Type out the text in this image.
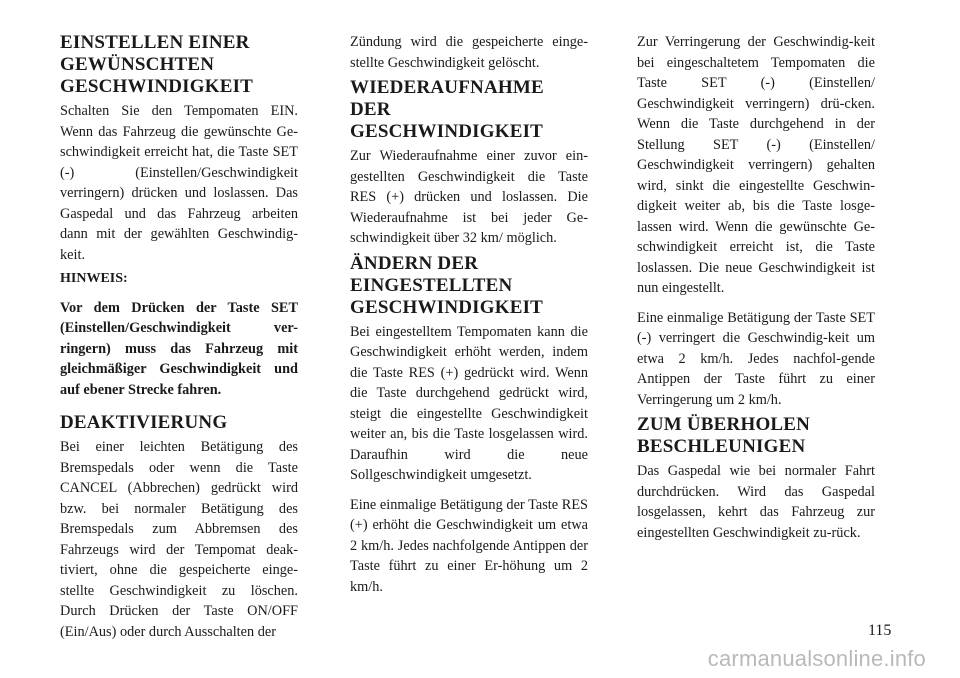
EINSTELLEN EINER GEWÜNSCHTEN GESCHWINDIGKEIT

Schalten Sie den Tempomaten EIN. Wenn das Fahrzeug die gewünschte Ge-schwindigkeit erreicht hat, die Taste SET (-) (Einstellen/Geschwindigkeit verringern) drücken und loslassen. Das Gaspedal und das Fahrzeug arbeiten dann mit der gewählten Geschwindig-keit.

HINWEIS:

Vor dem Drücken der Taste SET (Einstellen/Geschwindigkeit ver-ringern) muss das Fahrzeug mit gleichmäßiger Geschwindigkeit und auf ebener Strecke fahren.

DEAKTIVIERUNG

Bei einer leichten Betätigung des Bremspedals oder wenn die Taste CANCEL (Abbrechen) gedrückt wird bzw. bei normaler Betätigung des Bremspedals zum Abbremsen des Fahrzeugs wird der Tempomat deak-tiviert, ohne die gespeicherte einge-stellte Geschwindigkeit zu löschen. Durch Drücken der Taste ON/OFF (Ein/Aus) oder durch Ausschalten der

Zündung wird die gespeicherte einge-stellte Geschwindigkeit gelöscht.

WIEDERAUFNAHME DER GESCHWINDIGKEIT

Zur Wiederaufnahme einer zuvor ein-gestellten Geschwindigkeit die Taste RES (+) drücken und loslassen. Die Wiederaufnahme ist bei jeder Ge-schwindigkeit über 32 km/ möglich.

ÄNDERN DER EINGESTELLTEN GESCHWINDIGKEIT

Bei eingestelltem Tempomaten kann die Geschwindigkeit erhöht werden, indem die Taste RES (+) gedrückt wird. Wenn die Taste durchgehend gedrückt wird, steigt die eingestellte Geschwindigkeit weiter an, bis die Taste losgelassen wird. Daraufhin wird die neue Sollgeschwindigkeit umgesetzt.

Eine einmalige Betätigung der Taste RES (+) erhöht die Geschwindigkeit um etwa 2 km/h. Jedes nachfolgende Antippen der Taste führt zu einer Er-höhung um 2 km/h.

Zur Verringerung der Geschwindig-keit bei eingeschaltetem Tempomaten die Taste SET (-) (Einstellen/ Geschwindigkeit verringern) drü-cken. Wenn die Taste durchgehend in der Stellung SET (-) (Einstellen/ Geschwindigkeit verringern) gehalten wird, sinkt die eingestellte Geschwin-digkeit weiter ab, bis die Taste losge-lassen wird. Wenn die gewünschte Ge-schwindigkeit erreicht ist, die Taste loslassen. Die neue Geschwindigkeit ist nun eingestellt.

Eine einmalige Betätigung der Taste SET (-) verringert die Geschwindig-keit um etwa 2 km/h. Jedes nachfol-gende Antippen der Taste führt zu einer Verringerung um 2 km/h.

ZUM ÜBERHOLEN BESCHLEUNIGEN

Das Gaspedal wie bei normaler Fahrt durchdrücken. Wird das Gaspedal losgelassen, kehrt das Fahrzeug zur eingestellten Geschwindigkeit zu-rück.

115
carmanualsonline.info
